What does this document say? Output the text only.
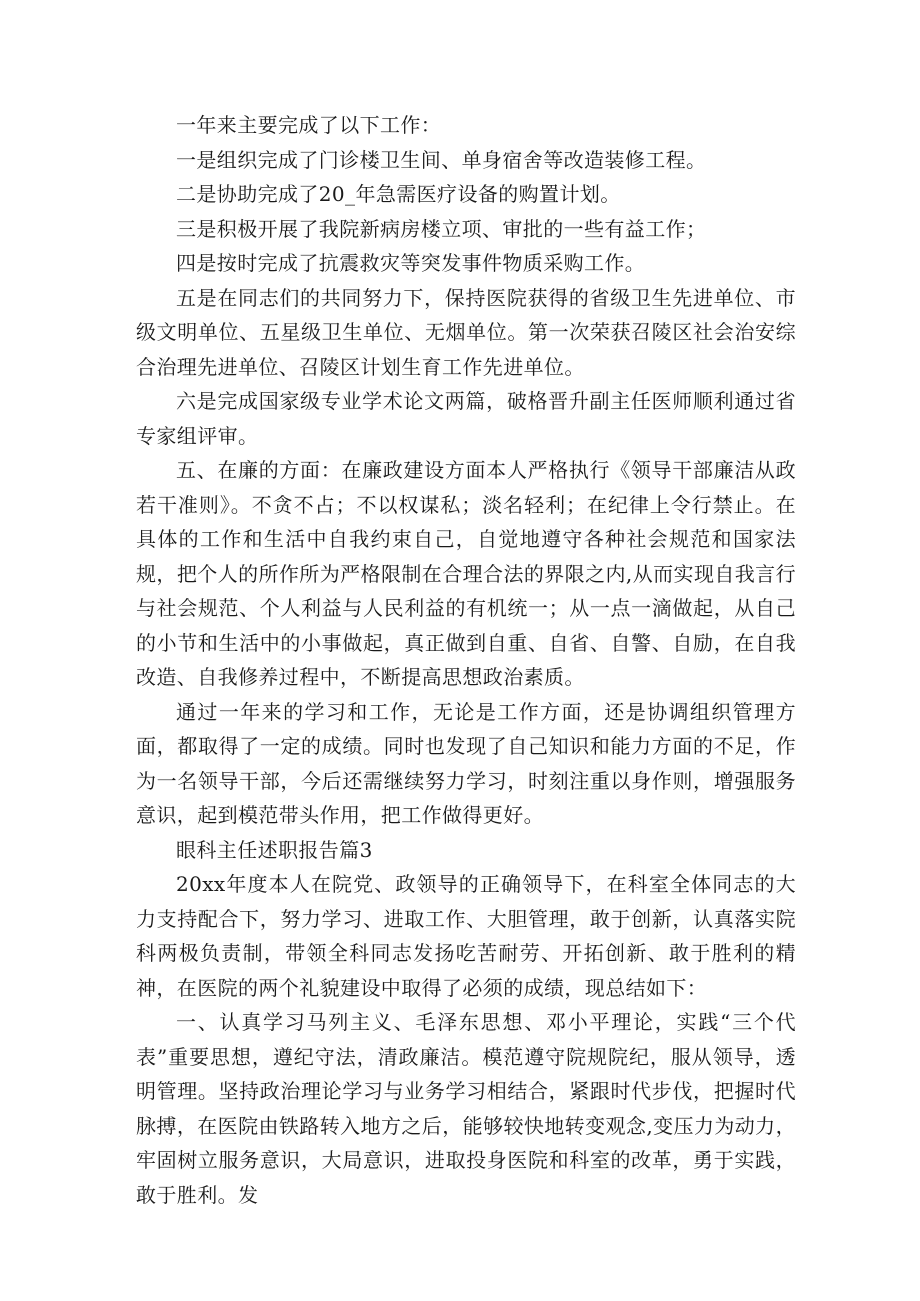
一年来主要完成了以下工作：

一是组织完成了门诊楼卫生间、单身宿舍等改造装修工程。

二是协助完成了20_年急需医疗设备的购置计划。

三是积极开展了我院新病房楼立项、审批的一些有益工作；

四是按时完成了抗震救灾等突发事件物质采购工作。

五是在同志们的共同努力下，保持医院获得的省级卫生先进单位、市级文明单位、五星级卫生单位、无烟单位。第一次荣获召陵区社会治安综合治理先进单位、召陵区计划生育工作先进单位。

六是完成国家级专业学术论文两篇，破格晋升副主任医师顺利通过省专家组评审。

五、在廉的方面：在廉政建设方面本人严格执行《领导干部廉洁从政若干准则》。不贪不占；不以权谋私；淡名轻利；在纪律上令行禁止。在具体的工作和生活中自我约束自己，自觉地遵守各种社会规范和国家法规，把个人的所作所为严格限制在合理合法的界限之内,从而实现自我言行与社会规范、个人利益与人民利益的有机统一；从一点一滴做起，从自己的小节和生活中的小事做起，真正做到自重、自省、自警、自励，在自我改造、自我修养过程中，不断提高思想政治素质。

通过一年来的学习和工作，无论是工作方面，还是协调组织管理方面，都取得了一定的成绩。同时也发现了自己知识和能力方面的不足，作为一名领导干部，今后还需继续努力学习，时刻注重以身作则，增强服务意识，起到模范带头作用，把工作做得更好。

眼科主任述职报告篇3

20xx年度本人在院党、政领导的正确领导下，在科室全体同志的大力支持配合下，努力学习、进取工作、大胆管理，敢于创新，认真落实院科两极负责制，带领全科同志发扬吃苦耐劳、开拓创新、敢于胜利的精神，在医院的两个礼貌建设中取得了必须的成绩，现总结如下：

一、认真学习马列主义、毛泽东思想、邓小平理论，实践“三个代表”重要思想，遵纪守法，清政廉洁。模范遵守院规院纪，服从领导，透明管理。坚持政治理论学习与业务学习相结合，紧跟时代步伐，把握时代脉搏，在医院由铁路转入地方之后，能够较快地转变观念,变压力为动力，牢固树立服务意识，大局意识，进取投身医院和科室的改革，勇于实践，敢于胜利。发
